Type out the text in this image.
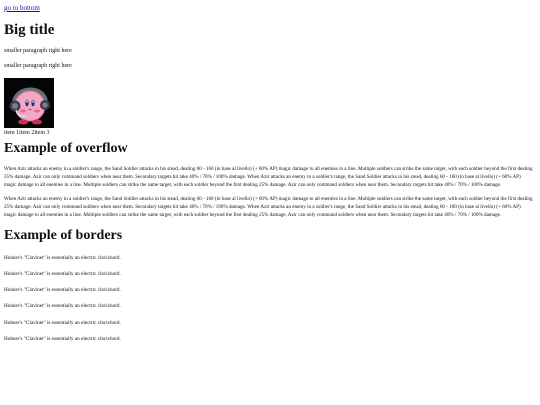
go to bottom
Big title

smaller paragraph right here

smaller paragraph right here

item 1item 2item 3
Example of overflow

When Azir attacks an enemy in a soldier's range, the Sand Soldier attacks in his stead, dealing 60 - 160 (in base al livello) (+ 60% AP) magic damage to all enemies in a line. Multiple soldiers can strike the same target, with each soldier beyond the first dealing 25% damage. Azir can only command soldiers when near them. Secondary targets hit take 40% / 70% / 100% damage. When Azir attacks an enemy in a soldier's range, the Sand Soldier attacks in his stead, dealing 60 - 160 (in base al livello) (+ 60% AP) magic damage to all enemies in a line. Multiple soldiers can strike the same target, with each soldier beyond the first dealing 25% damage. Azir can only command soldiers when near them. Secondary targets hit take 40% / 70% / 100% damage.

When Azir attacks an enemy in a soldier's range, the Sand Soldier attacks in his stead, dealing 60 - 160 (in base al livello) (+ 60% AP) magic damage to all enemies in a line. Multiple soldiers can strike the same target, with each soldier beyond the first dealing 25% damage. Azir can only command soldiers when near them. Secondary targets hit take 40% / 70% / 100% damage. When Azir attacks an enemy in a soldier's range, the Sand Soldier attacks in his stead, dealing 60 - 160 (in base al livello) (+ 60% AP) magic damage to all enemies in a line. Multiple soldiers can strike the same target, with each soldier beyond the first dealing 25% damage. Azir can only command soldiers when near them. Secondary targets hit take 40% / 70% / 100% damage.

Example of borders

Hohner's "Clavinet" is essentially an electric clavichord.

Hohner's "Clavinet" is essentially an electric clavichord.

Hohner's "Clavinet" is essentially an electric clavichord.

Hohner's "Clavinet" is essentially an electric clavichord.

Hohner's "Clavinet" is essentially an electric clavichord.

Hohner's "Clavinet" is essentially an electric clavichord.
